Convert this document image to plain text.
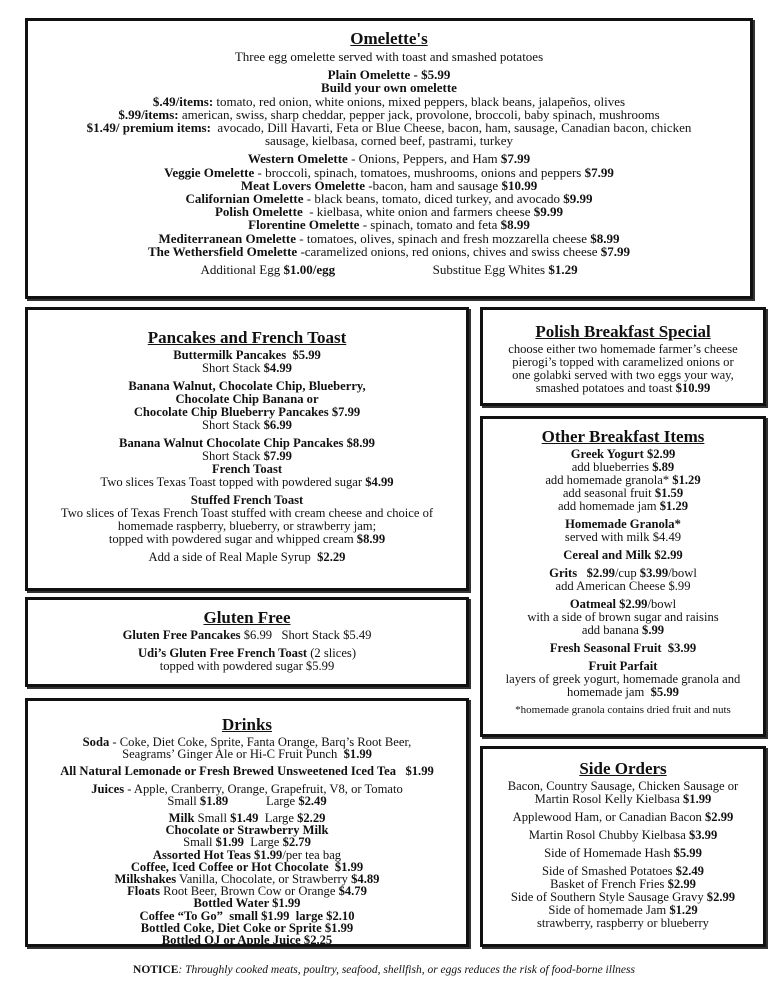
Omelette's
Three egg omelette served with toast and smashed potatoes
Plain Omelette - $5.99
Build your own omelette
$.49/items: tomato, red onion, white onions, mixed peppers, black beans, jalapeños, olives
$.99/items: american, swiss, sharp cheddar, pepper jack, provolone, broccoli, baby spinach, mushrooms
$1.49/ premium items:  avocado, Dill Havarti, Feta or Blue Cheese, bacon, ham, sausage, Canadian bacon, chicken
sausage, kielbasa, corned beef, pastrami, turkey
Western Omelette - Onions, Peppers, and Ham $7.99
Veggie Omelette - broccoli, spinach, tomatoes, mushrooms, onions and peppers $7.99
Meat Lovers Omelette -bacon, ham and sausage $10.99
Californian Omelette - black beans, tomato, diced turkey, and avocado $9.99
Polish Omelette  - kielbasa, white onion and farmers cheese $9.99
Florentine Omelette - spinach, tomato and feta $8.99
Mediterranean Omelette - tomatoes, olives, spinach and fresh mozzarella cheese $8.99
The Wethersfield Omelette -caramelized onions, red onions, chives and swiss cheese $7.99
Additional Egg $1.00/egg                              Substitue Egg Whites $1.29
Pancakes and French Toast
Buttermilk Pancakes  $5.99
Short Stack $4.99
Banana Walnut, Chocolate Chip, Blueberry,
Chocolate Chip Banana or
Chocolate Chip Blueberry Pancakes $7.99
Short Stack $6.99
Banana Walnut Chocolate Chip Pancakes $8.99
Short Stack $7.99
French Toast
Two slices Texas Toast topped with powdered sugar $4.99
Stuffed French Toast
Two slices of Texas French Toast stuffed with cream cheese and choice of
homemade raspberry, blueberry, or strawberry jam;
topped with powdered sugar and whipped cream $8.99
Add a side of Real Maple Syrup  $2.29
Gluten Free
Gluten Free Pancakes $6.99   Short Stack $5.49
Udi’s Gluten Free French Toast (2 slices)
topped with powdered sugar $5.99
Drinks
Soda - Coke, Diet Coke, Sprite, Fanta Orange, Barq’s Root Beer,
Seagrams’ Ginger Ale or Hi-C Fruit Punch  $1.99
All Natural Lemonade or Fresh Brewed Unsweetened Iced Tea   $1.99
Juices - Apple, Cranberry, Orange, Grapefruit, V8, or Tomato
Small $1.89            Large $2.49
Milk Small $1.49  Large $2.29
Chocolate or Strawberry Milk
Small $1.99  Large $2.79
Assorted Hot Teas $1.99/per tea bag
Coffee, Iced Coffee or Hot Chocolate  $1.99
Milkshakes Vanilla, Chocolate, or Strawberry $4.89
Floats Root Beer, Brown Cow or Orange $4.79
Bottled Water $1.99
Coffee “To Go”  small $1.99  large $2.10
Bottled Coke, Diet Coke or Sprite $1.99
Bottled OJ or Apple Juice $2.25
Polish Breakfast Special
choose either two homemade farmer’s cheese
pierogi’s topped with caramelized onions or
one golabki served with two eggs your way,
smashed potatoes and toast $10.99
Other Breakfast Items
Greek Yogurt $2.99
add blueberries $.89
add homemade granola* $1.29
add seasonal fruit $1.59
add homemade jam $1.29
Homemade Granola*
served with milk $4.49
Cereal and Milk $2.99
Grits   $2.99/cup $3.99/bowl
add American Cheese $.99
Oatmeal $2.99/bowl
with a side of brown sugar and raisins
add banana $.99
Fresh Seasonal Fruit  $3.99
Fruit Parfait
layers of greek yogurt, homemade granola and
homemade jam  $5.99
*homemade granola contains dried fruit and nuts
Side Orders
Bacon, Country Sausage, Chicken Sausage or
Martin Rosol Kelly Kielbasa $1.99
Applewood Ham, or Canadian Bacon $2.99
Martin Rosol Chubby Kielbasa $3.99
Side of Homemade Hash $5.99
Side of Smashed Potatoes $2.49
Basket of French Fries $2.99
Side of Southern Style Sausage Gravy $2.99
Side of homemade Jam $1.29
strawberry, raspberry or blueberry
NOTICE: Throughly cooked meats, poultry, seafood, shellfish, or eggs reduces the risk of food-borne illness
